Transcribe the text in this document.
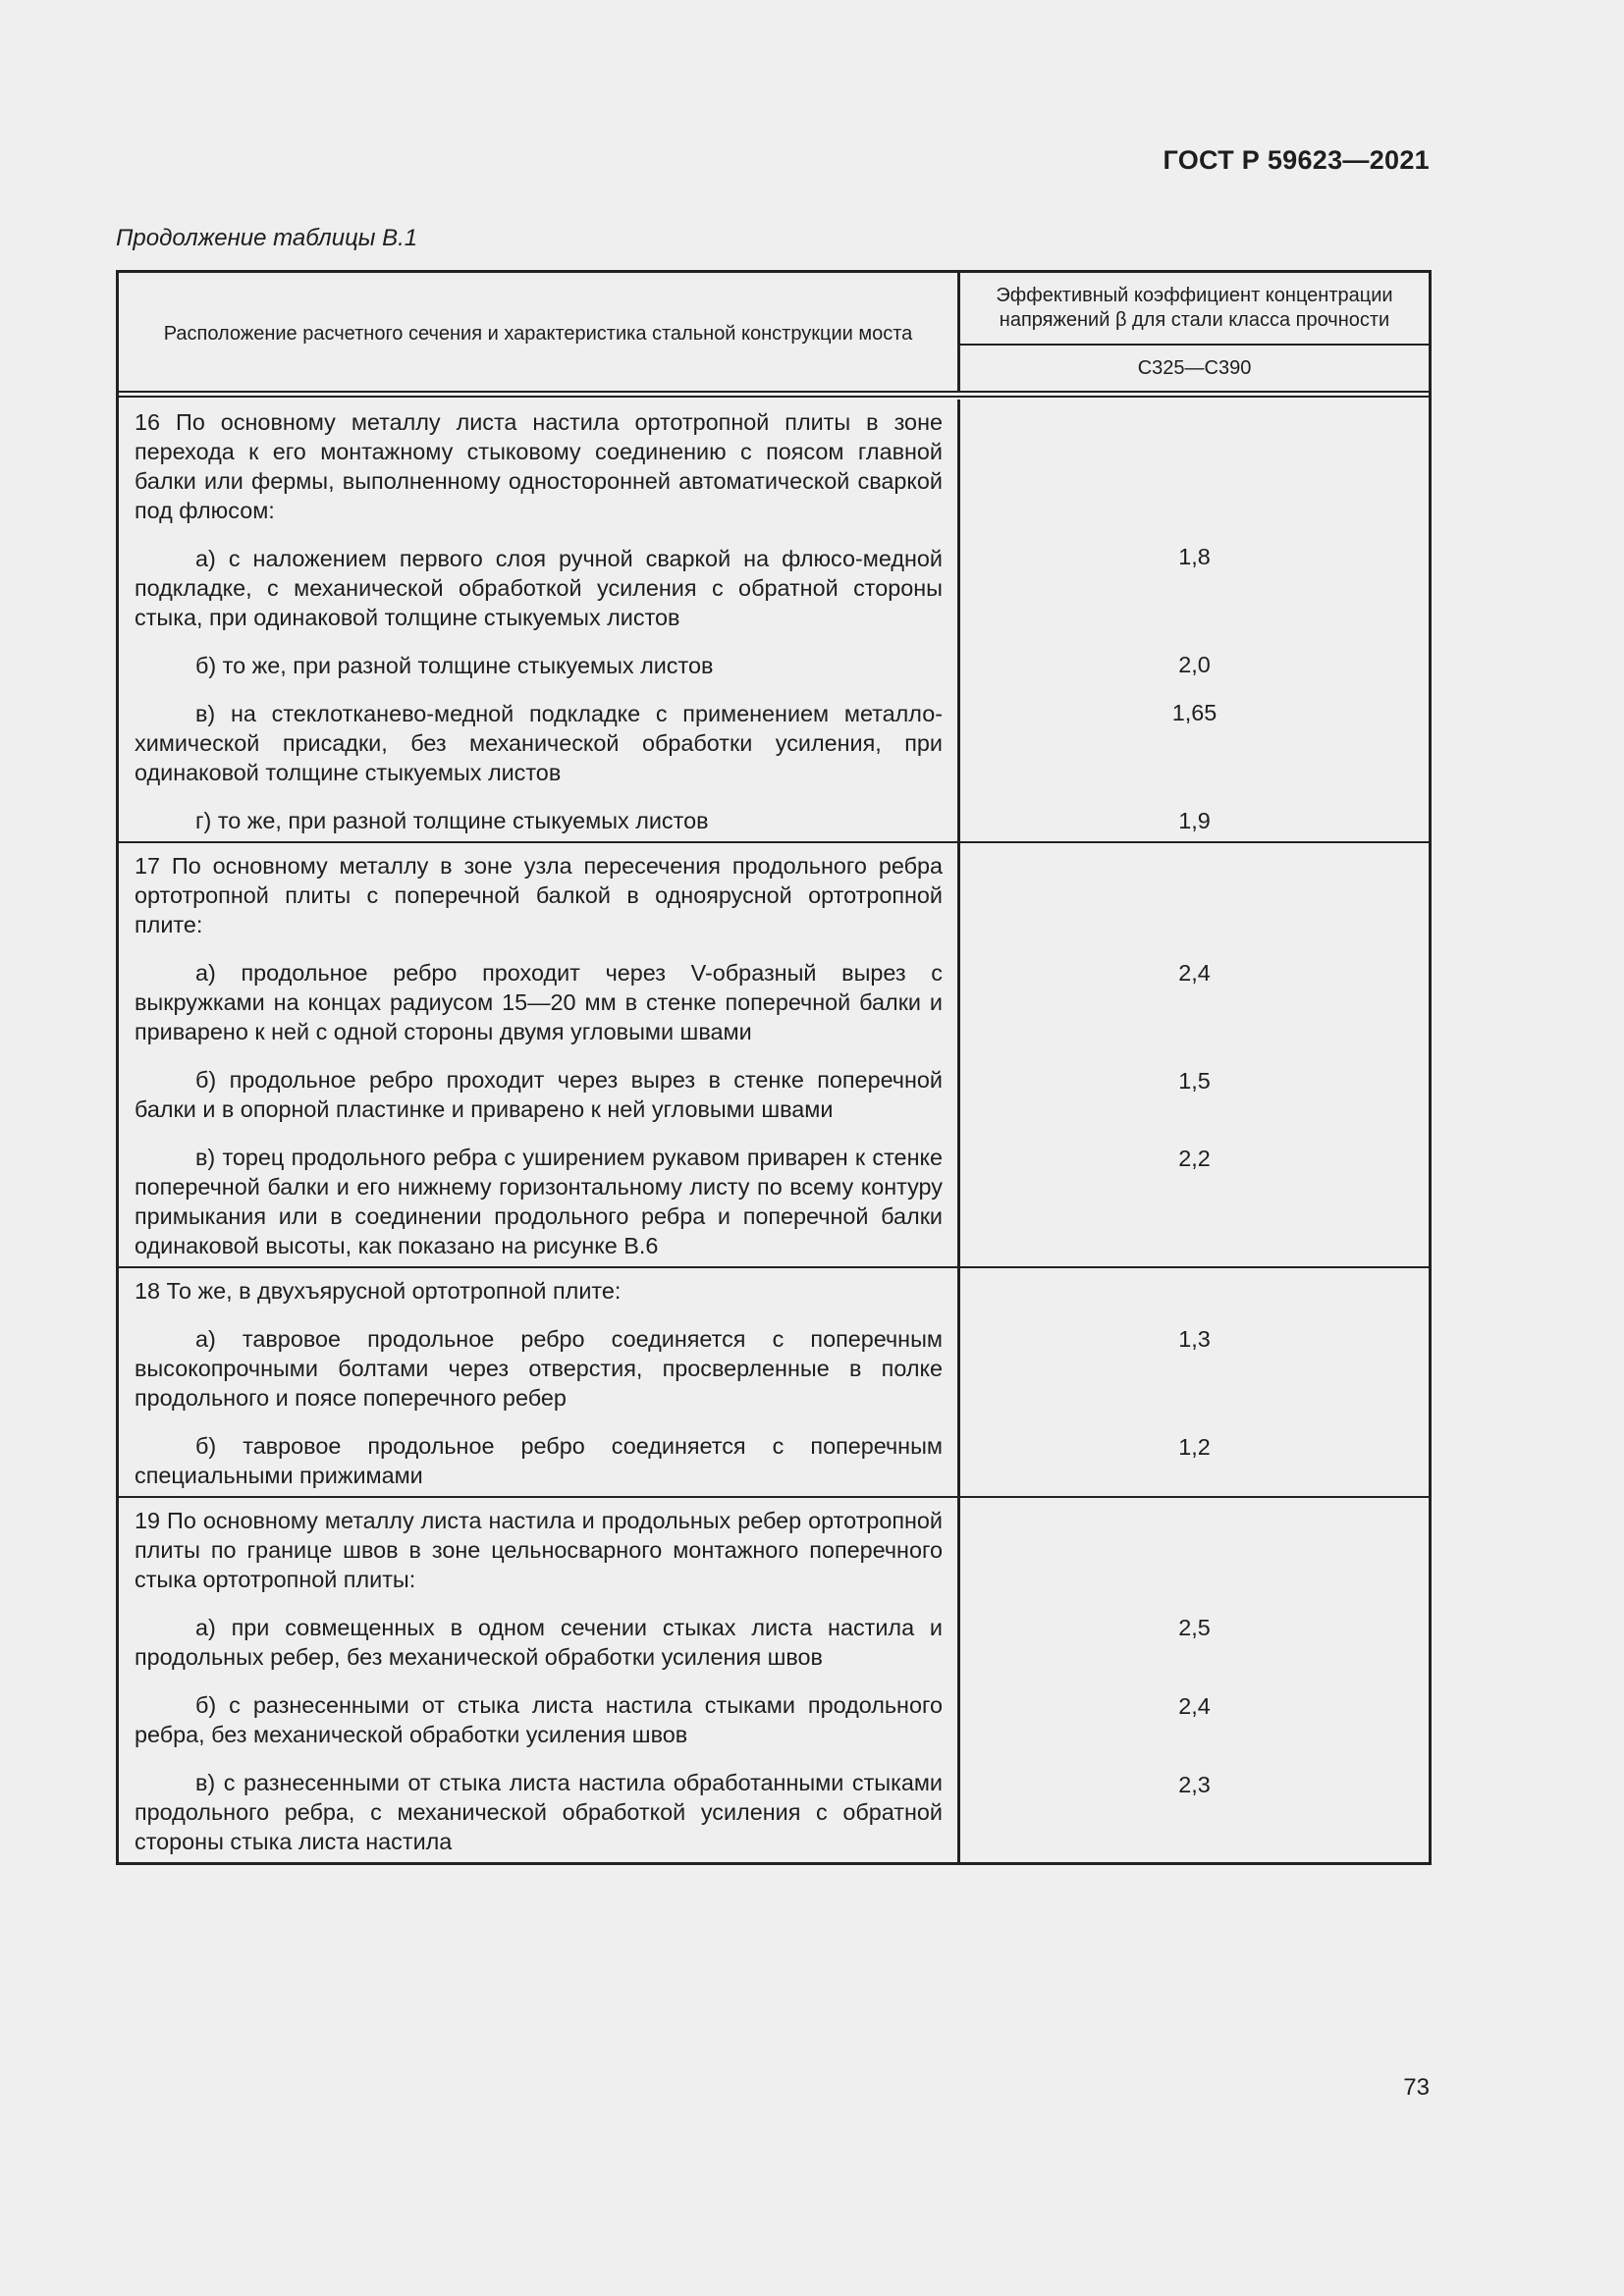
ГОСТ Р 59623—2021
Продолжение таблицы В.1
Расположение расчетного сечения и характеристика стальной конструкции моста
Эффективный коэффициент концентрации напряжений β для стали класса прочности
С325—С390

16 По основному металлу листа настила ортотропной плиты в зоне перехода к его монтажному стыковому соединению с поясом главной балки или фермы, выполненному односторонней автоматической сваркой под флюсом:

а) с наложением первого слоя ручной сваркой на флюсо-медной подкладке, с механической обработкой усиления с обратной стороны стыка, при одинаковой толщине стыкуемых листов

б) то же, при разной толщине стыкуемых листов

в) на стеклотканево-медной подкладке с применением металло-химической присадки, без механической обработки усиления, при одинаковой толщине стыкуемых листов

г) то же, при разной толщине стыкуемых листов

1,8
2,0
1,65
1,9

17 По основному металлу в зоне узла пересечения продольного ребра ортотропной плиты с поперечной балкой в одноярусной ортотропной плите:

а) продольное ребро проходит через V-образный вырез с выкружками на концах радиусом 15—20 мм в стенке поперечной балки и приварено к ней с одной стороны двумя угловыми швами

б) продольное ребро проходит через вырез в стенке поперечной балки и в опорной пластинке и приварено к ней угловыми швами

в) торец продольного ребра с уширением рукавом приварен к стенке поперечной балки и его нижнему горизонтальному листу по всему контуру примыкания или в соединении продольного ребра и поперечной балки одинаковой высоты, как показано на рисунке В.6

2,4
1,5
2,2

18 То же, в двухъярусной ортотропной плите:

а) тавровое продольное ребро соединяется с поперечным высокопрочными болтами через отверстия, просверленные в полке продольного и поясе поперечного ребер

б) тавровое продольное ребро соединяется с поперечным специальными прижимами

1,3
1,2

19 По основному металлу листа настила и продольных ребер ортотропной плиты по границе швов в зоне цельносварного монтажного поперечного стыка ортотропной плиты:

а) при совмещенных в одном сечении стыках листа настила и продольных ребер, без механической обработки усиления швов

б) с разнесенными от стыка листа настила стыками продольного ребра, без механической обработки усиления швов

в) с разнесенными от стыка листа настила обработанными стыками продольного ребра, с механической обработкой усиления с обратной стороны стыка листа настила

2,5
2,4
2,3
73
